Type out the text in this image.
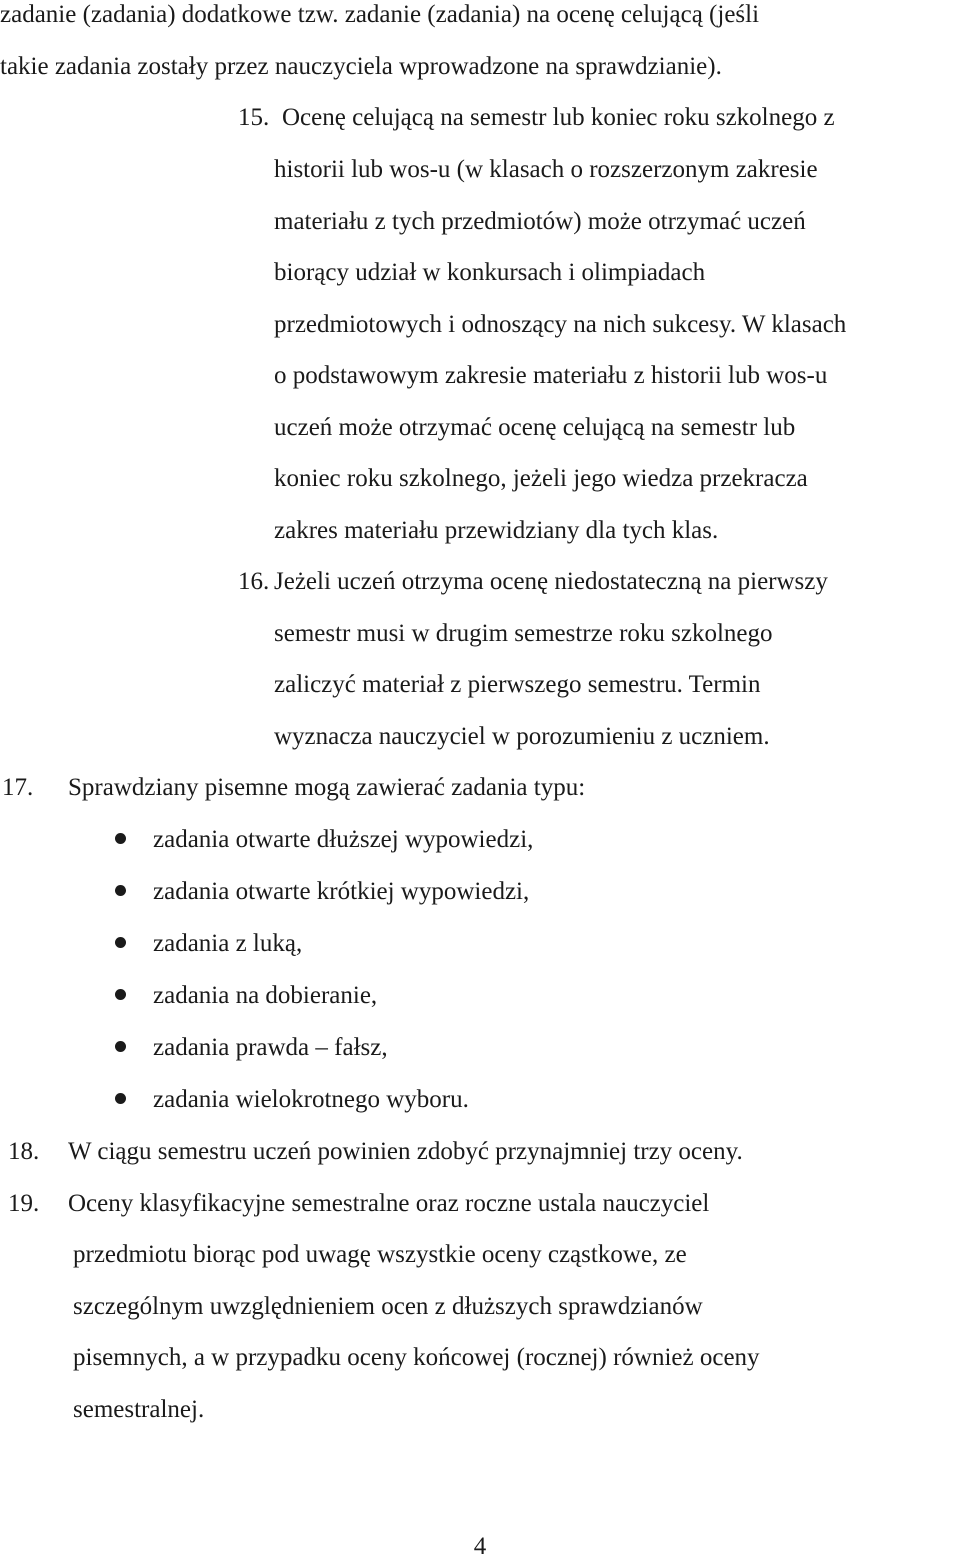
zadanie (zadania) dodatkowe tzw. zadanie (zadania) na ocenę celującą (jeśli
takie zadania zostały przez nauczyciela wprowadzone na sprawdzianie).
15. Ocenę celującą na semestr lub koniec roku szkolnego z
historii lub wos-u (w klasach o rozszerzonym zakresie
materiału z tych przedmiotów) może otrzymać uczeń
biorący udział w konkursach i olimpiadach
przedmiotowych i odnoszący na nich sukcesy. W klasach
o podstawowym zakresie materiału z historii lub wos-u
uczeń może otrzymać ocenę celującą na semestr lub
koniec roku szkolnego, jeżeli jego wiedza przekracza
zakres materiału przewidziany dla tych klas.
16. Jeżeli uczeń otrzyma ocenę niedostateczną na pierwszy
semestr musi w drugim semestrze roku szkolnego
zaliczyć materiał z pierwszego semestru. Termin
wyznacza nauczyciel w porozumieniu z uczniem.
17. Sprawdziany pisemne mogą zawierać zadania typu:
zadania otwarte dłuższej wypowiedzi,
zadania otwarte krótkiej wypowiedzi,
zadania z luką,
zadania na dobieranie,
zadania prawda – fałsz,
zadania wielokrotnego wyboru.
18. W ciągu semestru uczeń powinien zdobyć przynajmniej trzy oceny.
19. Oceny klasyfikacyjne semestralne oraz roczne ustala nauczyciel
przedmiotu biorąc pod uwagę wszystkie oceny cząstkowe, ze
szczególnym uwzględnieniem ocen z dłuższych sprawdzianów
pisemnych, a w przypadku oceny końcowej (rocznej) również oceny
semestralnej.
4
